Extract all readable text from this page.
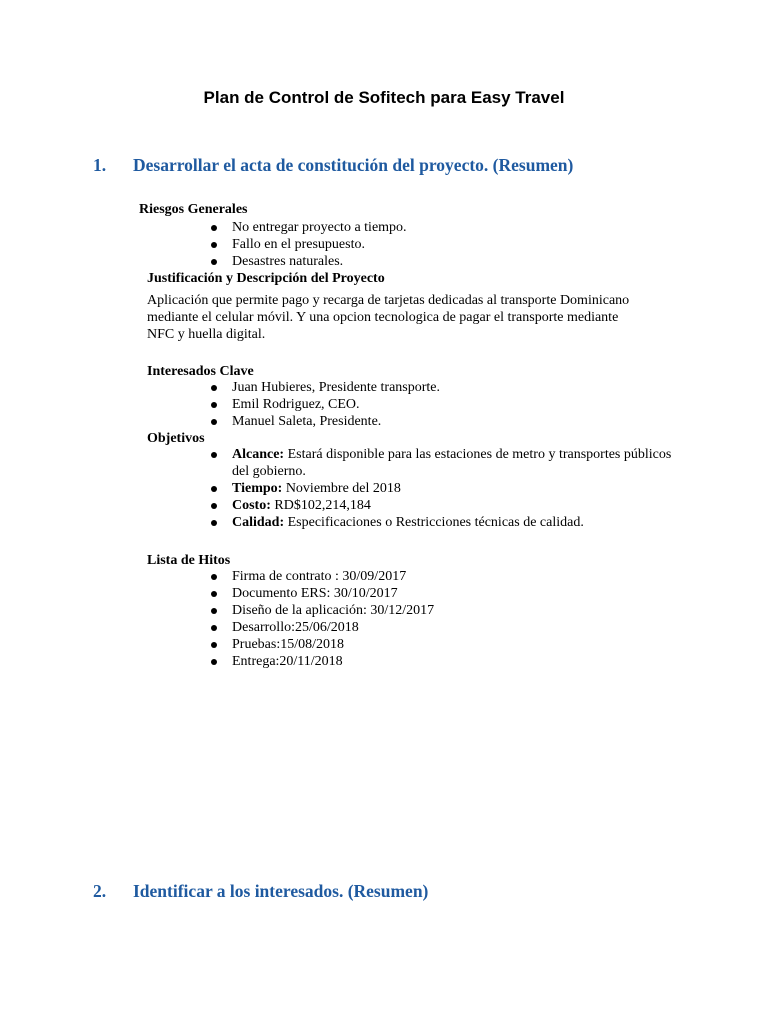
Plan de Control de Sofitech para Easy Travel
1. Desarrollar el acta de constitución del proyecto. (Resumen)
Riesgos Generales
No entregar proyecto a tiempo.
Fallo en el presupuesto.
Desastres naturales.
Justificación y Descripción del Proyecto
Aplicación que permite pago y recarga de tarjetas dedicadas al transporte Dominicano mediante el celular móvil. Y una opcion tecnologica de pagar el transporte mediante NFC y huella digital.
Interesados Clave
Juan Hubieres, Presidente transporte.
Emil Rodriguez, CEO.
Manuel Saleta, Presidente.
Objetivos
Alcance: Estará disponible para las estaciones de metro y transportes públicos del gobierno.
Tiempo: Noviembre del 2018
Costo: RD$102,214,184
Calidad: Especificaciones o Restricciones técnicas de calidad.
Lista de Hitos
Firma de contrato : 30/09/2017
Documento ERS: 30/10/2017
Diseño de la aplicación: 30/12/2017
Desarrollo:25/06/2018
Pruebas:15/08/2018
Entrega:20/11/2018
2. Identificar a los interesados. (Resumen)
